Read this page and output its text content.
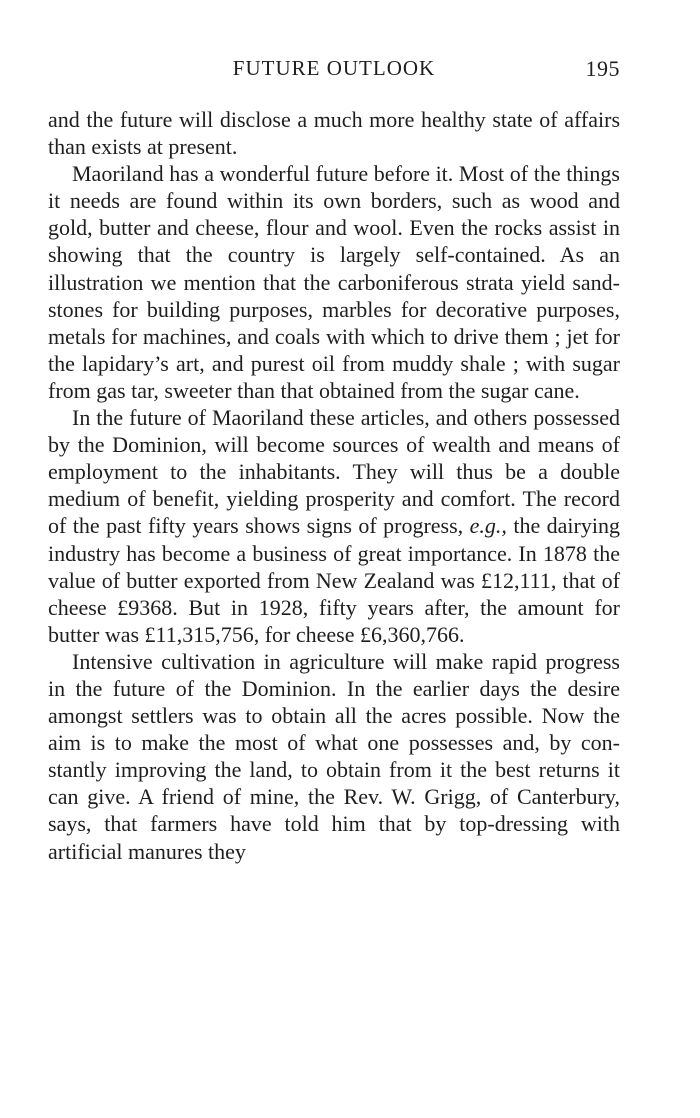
FUTURE OUTLOOK	195

and the future will disclose a much more healthy state of affairs than exists at present.

Maoriland has a wonderful future before it. Most of the things it needs are found within its own borders, such as wood and gold, butter and cheese, flour and wool. Even the rocks assist in showing that the country is largely self-contained. As an illustration we mention that the carboniferous strata yield sandstones for building purposes, marbles for decorative purposes, metals for machines, and coals with which to drive them ; jet for the lapidary’s art, and purest oil from muddy shale ; with sugar from gas tar, sweeter than that obtained from the sugar cane.

In the future of Maoriland these articles, and others possessed by the Dominion, will become sources of wealth and means of employment to the inhabitants. They will thus be a double medium of benefit, yielding prosperity and comfort. The record of the past fifty years shows signs of progress, e.g., the dairying industry has become a business of great importance. In 1878 the value of butter exported from New Zealand was £12,111, that of cheese £9368. But in 1928, fifty years after, the amount for butter was £11,315,756, for cheese £6,360,766.

Intensive cultivation in agriculture will make rapid progress in the future of the Dominion. In the earlier days the desire amongst settlers was to obtain all the acres possible. Now the aim is to make the most of what one possesses and, by constantly improving the land, to obtain from it the best returns it can give. A friend of mine, the Rev. W. Grigg, of Canterbury, says, that farmers have told him that by top-dressing with artificial manures they
